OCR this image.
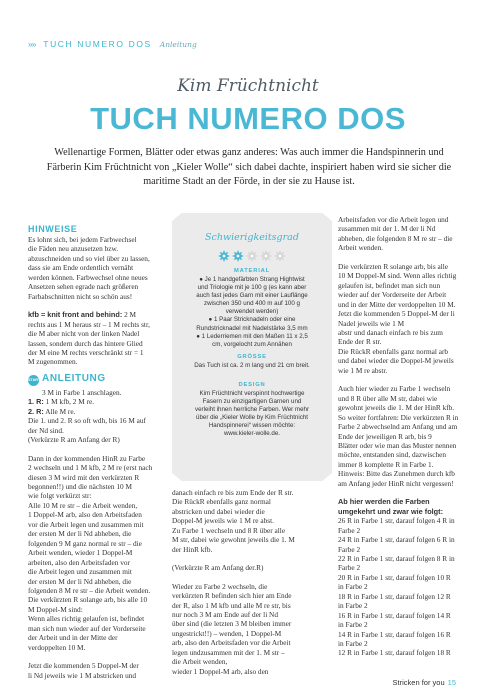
»» TUCH NUMERO DOS Anleitung
Kim Früchtnicht
TUCH NUMERO DOS

Wellenartige Formen, Blätter oder etwas ganz anderes: Was auch immer die Handspinnerin und

Färberin Kim Früchtnicht von „Kieler Wolle“ sich dabei dachte, inspiriert haben wird sie sicher die

maritime Stadt an der Förde, in der sie zu Hause ist.

HINWEISE

Es lohnt sich, bei jedem Farbwechsel

die Fäden neu anzusetzen bzw.

abzuschneiden und so viel über zu lassen,

dass sie am Ende ordentlich vernäht

werden können. Farbwechsel ohne neues

Ansetzen sehen egrade nach größeren

Farbabschnitten nicht so schön aus!

kfb = knit front and behind: 2 M

rechts aus 1 M heraus str – 1 M rechts str,

die M aber nicht von der linken Nadel

lassen, sondern durch das hintere Glied

der M eine M rechts verschränkt str = 1

M zugenommen.

START ANLEITUNG

3 M in Farbe 1 anschlagen.

1. R: 1 M kfb, 2 M re.

2. R: Alle M re.

Die 1. und 2. R so oft wdh, bis 16 M auf

der Nd sind.

(Verkürzte R am Anfang der R)

Dann in der kommenden HinR zu Farbe

2 wechseln und 1 M kfb, 2 M re (erst nach

diesen 3 M wird mit den verkürzten R

begonnen!!) und die nächsten 10 M

wie folgt verkürzt str:

Alle 10 M re str – die Arbeit wenden,

1 Doppel-M arb, also den Arbeitsfaden

vor die Arbeit legen und zusammen mit

der ersten M der li Nd abheben, die

folgenden 9 M ganz normal re str – die

Arbeit wenden, wieder 1 Doppel-M

arbeiten, also den Arbeitsfaden vor

die Arbeit legen und zusammen mit

der ersten M der li Nd abheben, die

folgenden 8 M re str – die Arbeit wenden.

Die verkürzten R solange arb, bis alle 10

M Doppel-M sind:

Wenn alles richtig gelaufen ist, befindet

man sich nun wieder auf der Vorderseite

der Arbeit und in der Mitte der

verdoppelten 10 M.

Jetzt die kommenden 5 Doppel-M der

li Nd jeweils wie 1 M abstricken und

Schwierigkeitsgrad
MATERIAL

● Je 1 handgefärbten Strang Hightwist

und Triologie mit je 100 g (es kann aber

auch fast jedes Garn mit einer Lauflänge

zwischen 350 und 400 m auf 100 g

verwendet werden)

● 1 Paar Stricknadeln oder eine

Rundstricknadel mit Nadelstärke 3,5 mm

● 1 Lederriemen mit den Maßen 11 x 2,5

cm, vorgelocht zum Annähen

GRÖSSE

Das Tuch ist ca. 2 m lang und 21 cm breit.

DESIGN

Kim Früchtnicht verspinnt hochwertige

Fasern zu einzigartigen Garnen und

verleiht ihnen herrliche Farben. Wer mehr

über die „Kieler Wolle by Kim Früchtnicht

Handspinnerei“ wissen möchte:

www.kieler-wolle.de.

danach einfach re bis zum Ende der R str.

Die RückR ebenfalls ganz normal

abstricken und dabei wieder die

Doppel-M jeweils wie 1 M re abst.

Zu Farbe 1 wechseln und 8 R über alle

M str, dabei wie gewohnt jeweils die 1. M

der HinR kfb.

(Verkürzte R am Anfang der.R)

Wieder zu Farbe 2 wechseln, die

verkürzten R befinden sich hier am Ende

der R, also 1 M kfb und alle M re str, bis

nur noch 3 M am Ende auf der li Nd

über sind (die letzten 3 M bleiben immer

ungestrickt!!) – wenden, 1 Doppel-M

arb, also den Arbeitsfaden vor die Arbeit

legen undzusammen mit der 1. M str –

die Arbeit wenden,

wieder 1 Doppel-M arb, also den

Arbeitsfaden vor die Arbeit legen und

zusammen mit der 1. M der li Nd

abheben, die folgenden 8 M re str – die

Arbeit wenden.

Die verkürzten R solange arb, bis alle

10 M Doppel-M sind. Wenn alles richtig

gelaufen ist, befindet man sich nun

wieder auf der Vorderseite der Arbeit

und in der Mitte der verdoppelten 10 M.

Jetzt die kommenden 5 Doppel-M der li

Nadel jeweils wie 1 M

abstr und danach einfach re bis zum

Ende der R str.

Die RückR ebenfalls ganz normal arb

und dabei wieder die Doppel-M jeweils

wie 1 M re abstr.

Auch hier wieder zu Farbe 1 wechseln

und 8 R über alle M str, dabei wie

gewohnt jeweils die 1. M der HinR kfb.

So weiter fortfahren: Die verkürzten R in

Farbe 2 abwechselnd am Anfang und am

Ende der jeweiligen R arb, bis 9

Blätter oder wie man das Muster nennen

möchte, entstanden sind, dazwischen

immer 8 komplette R in Farbe 1.

Hinweis: Bitte das Zunehmen durch kfb

am Anfang jeder HinR nicht vergessen!

Ab hier werden die Farben

umgekehrt und zwar wie folgt:

26 R in Farbe 1 str, darauf folgen 4 R in

Farbe 2

24 R in Farbe 1 str, darauf folgen 6 R in

Farbe 2

22 R in Farbe 1 str, darauf folgen 8 R in

Farbe 2

20 R in Farbe 1 str, darauf folgen 10 R

in Farbe 2

18 R in Farbe 1 str, darauf folgen 12 R

in Farbe 2

16 R in Farbe 1 str, darauf folgen 14 R

in Farbe 2

14 R in Farbe 1 str, darauf folgen 16 R

in Farbe 2

12 R in Farbe 1 str, darauf folgen 18 R

Stricken for you 15
